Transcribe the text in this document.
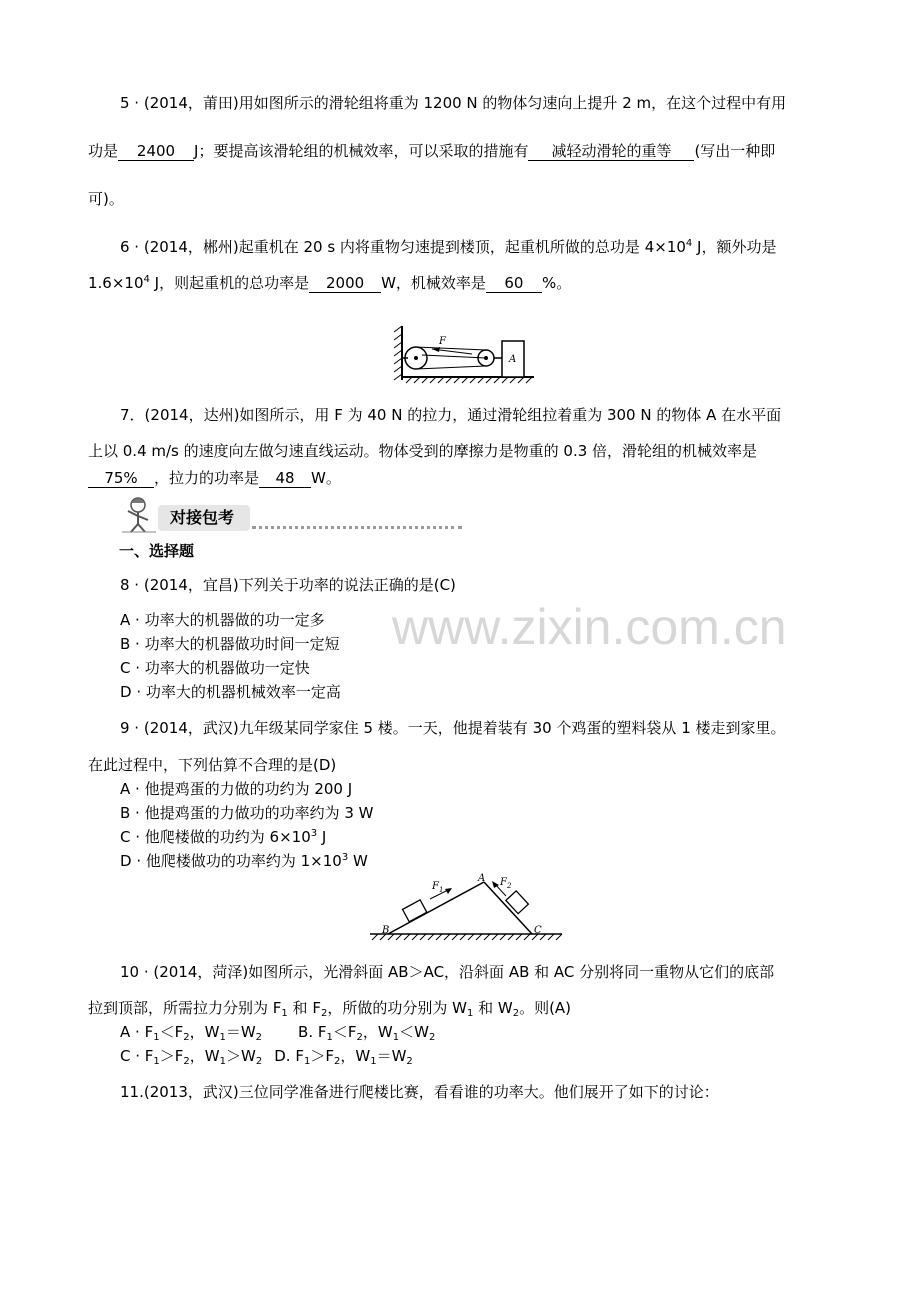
www.zixin.com.cn
5 · (2014，莆田)用如图所示的滑轮组将重为 1200 N 的物体匀速向上提升 2 m，在这个过程中有用
功是 2400 J；要提高该滑轮组的机械效率，可以采取的措施有 减轻动滑轮的重等 (写出一种即
可)。
6 · (2014，郴州)起重机在 20 s 内将重物匀速提到楼顶，起重机所做的总功是 $4\times 10^4$ J，额外功是
$1.6\times 10^4$ J，则起重机的总功率是 2000 W，机械效率是 60 %。
F
A
7．(2014，达州)如图所示，用 F 为 40 N 的拉力，通过滑轮组拉着重为 300 N 的物体 A 在水平面
上以 0.4 m/s 的速度向左做匀速直线运动。物体受到的摩擦力是物重的 0.3 倍，滑轮组的机械效率是
75% ，拉力的功率是 48 W。
对接包考
一、选择题
8 · (2014，宜昌)下列关于功率的说法正确的是(C)
A · 功率大的机器做的功一定多
B · 功率大的机器做功时间一定短
C · 功率大的机器做功一定快
D · 功率大的机器机械效率一定高
9 · (2014，武汉)九年级某同学家住 5 楼。一天，他提着装有 30 个鸡蛋的塑料袋从 1 楼走到家里。
在此过程中，下列估算不合理的是(D)
A · 他提鸡蛋的力做的功约为 200 J
B · 他提鸡蛋的力做功的功率约为 3 W
C · 他爬楼做的功约为 $6\times 10^3$ J
D · 他爬楼做功的功率约为 $1\times 10^3$ W
$F_1$
$F_2$
A
B	C
10 · (2014，菏泽)如图所示，光滑斜面 AB＞AC，沿斜面 AB 和 AC 分别将同一重物从它们的底部
拉到顶部，所需拉力分别为 $F_1$ 和 $F_2$，所做的功分别为 $W_1$ 和 $W_2$。则(A)
$A \cdot F_1<F_2$，$W_1=W_2$ B. $F_1<F_2$，$W_1<W_2$
$C \cdot F_1>F_2$，$W_1>W_2$ D. $F_1>F_2$，$W_1=W_2$
11.(2013，武汉)三位同学准备进行爬楼比赛，看看谁的功率大。他们展开了如下的讨论：
